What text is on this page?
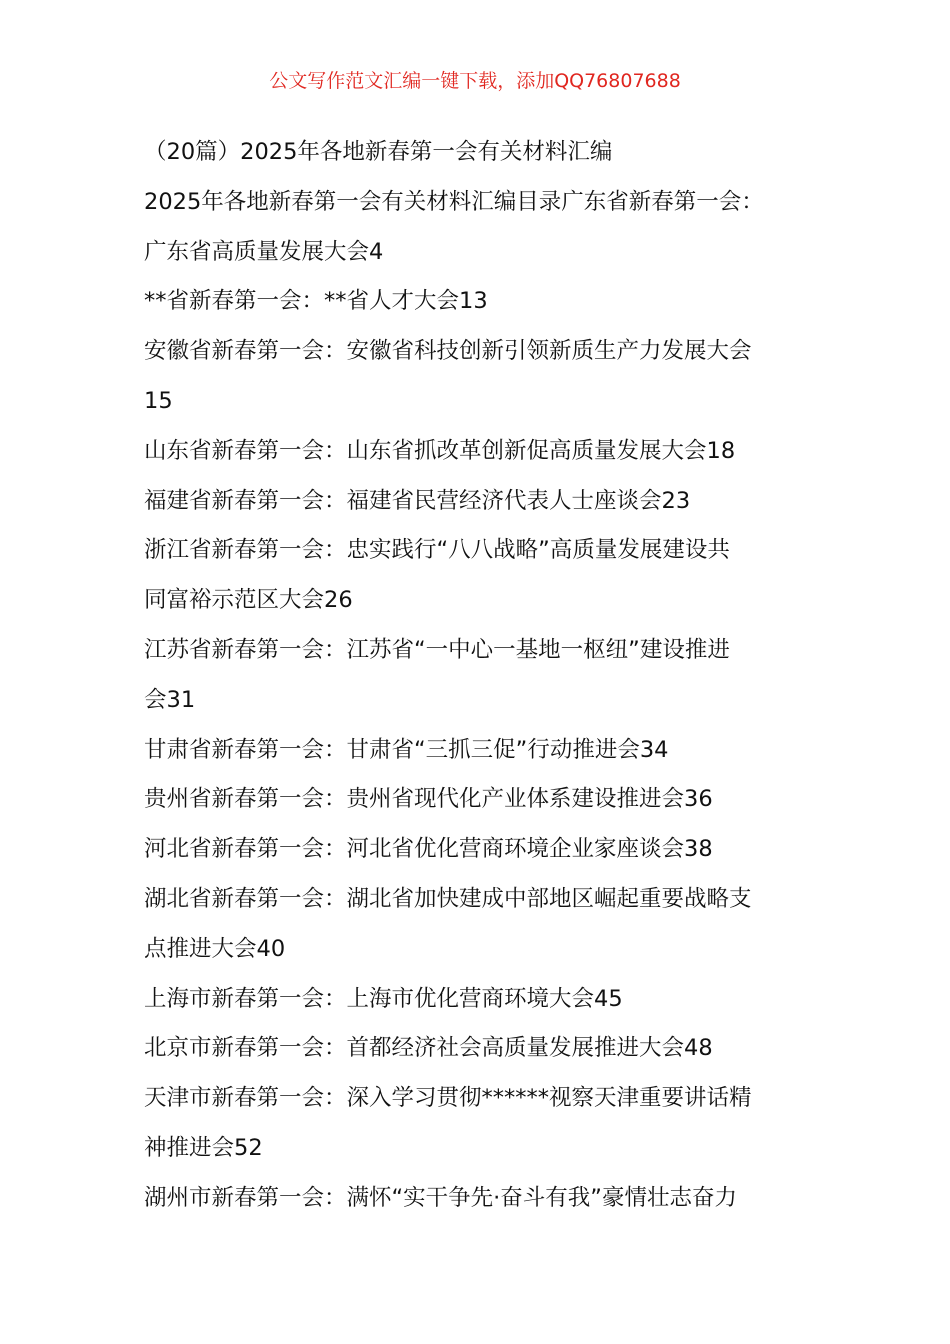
公文写作范文汇编一键下载，添加QQ76807688
（20篇）2025年各地新春第一会有关材料汇编
2025年各地新春第一会有关材料汇编目录广东省新春第一会：
广东省高质量发展大会4
**省新春第一会：**省人才大会13
安徽省新春第一会：安徽省科技创新引领新质生产力发展大会
15
山东省新春第一会：山东省抓改革创新促高质量发展大会18
福建省新春第一会：福建省民营经济代表人士座谈会23
浙江省新春第一会：忠实践行“八八战略”高质量发展建设共
同富裕示范区大会26
江苏省新春第一会：江苏省“一中心一基地一枢纽”建设推进
会31
甘肃省新春第一会：甘肃省“三抓三促”行动推进会34
贵州省新春第一会：贵州省现代化产业体系建设推进会36
河北省新春第一会：河北省优化营商环境企业家座谈会38
湖北省新春第一会：湖北省加快建成中部地区崛起重要战略支
点推进大会40
上海市新春第一会：上海市优化营商环境大会45
北京市新春第一会：首都经济社会高质量发展推进大会48
天津市新春第一会：深入学习贯彻******视察天津重要讲话精
神推进会52
湖州市新春第一会：满怀“实干争先·奋斗有我”豪情壮志奋力
